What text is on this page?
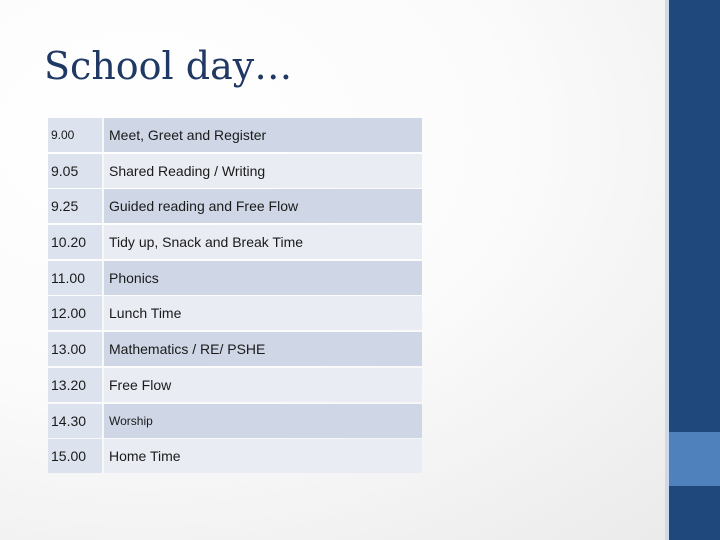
School day…
9.00	Meet, Greet and Register
9.05	Shared Reading / Writing
9.25	Guided reading and Free Flow
10.20	Tidy up, Snack and Break Time
11.00	Phonics
12.00	Lunch Time
13.00	Mathematics / RE/ PSHE
13.20	Free Flow
14.30	Worship
15.00	Home Time
